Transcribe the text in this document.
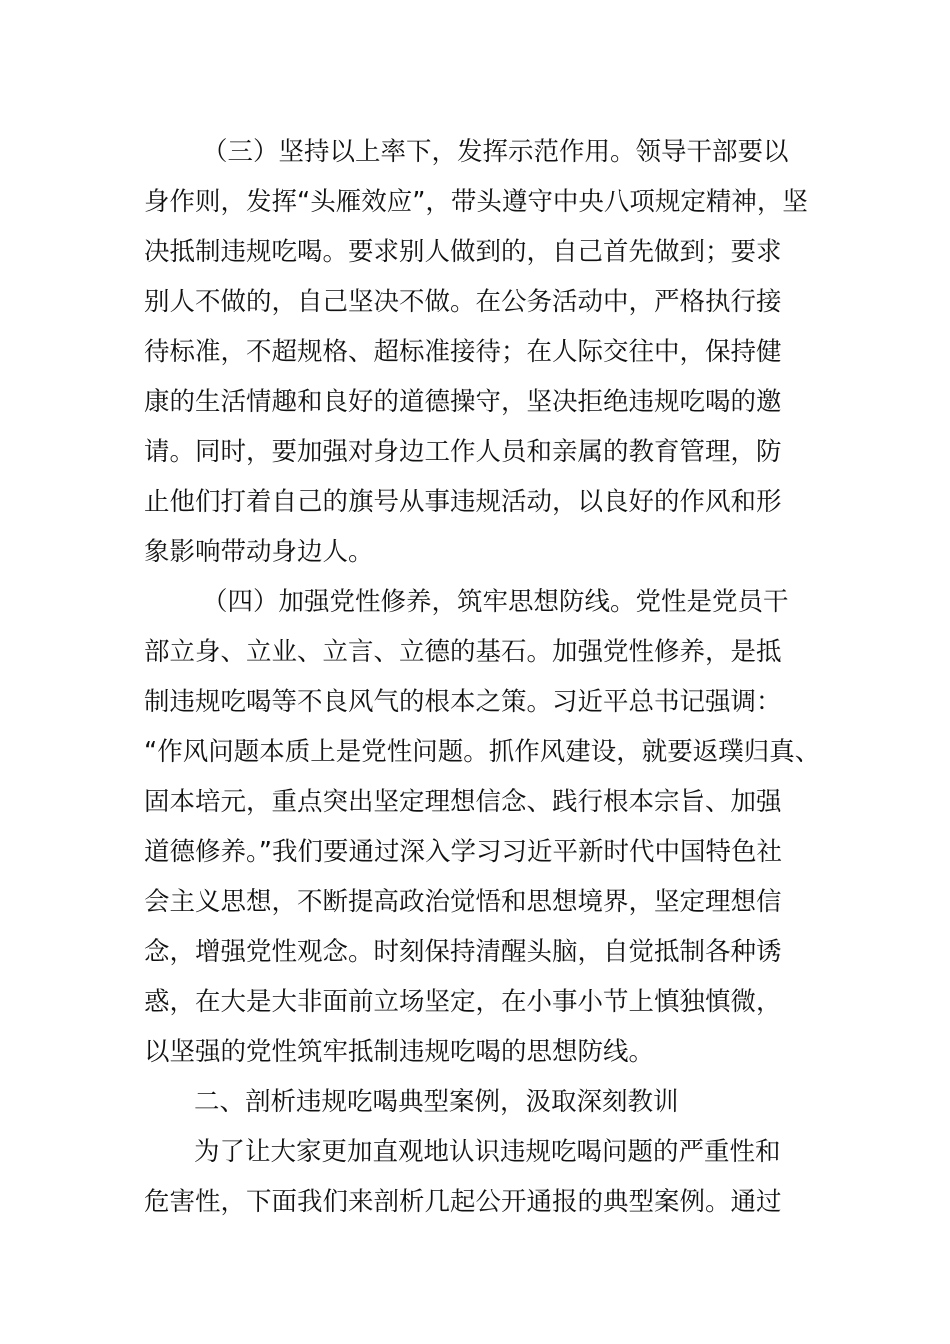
（三）坚持以上率下，发挥示范作用。领导干部要以
身作则，发挥“头雁效应”，带头遵守中央八项规定精神，坚
决抵制违规吃喝。要求别人做到的，自己首先做到；要求
别人不做的，自己坚决不做。在公务活动中，严格执行接
待标准，不超规格、超标准接待；在人际交往中，保持健
康的生活情趣和良好的道德操守，坚决拒绝违规吃喝的邀
请。同时，要加强对身边工作人员和亲属的教育管理，防
止他们打着自己的旗号从事违规活动，以良好的作风和形
象影响带动身边人。
（四）加强党性修养，筑牢思想防线。党性是党员干
部立身、立业、立言、立德的基石。加强党性修养，是抵
制违规吃喝等不良风气的根本之策。习近平总书记强调：
“作风问题本质上是党性问题。抓作风建设，就要返璞归真、
固本培元，重点突出坚定理想信念、践行根本宗旨、加强
道德修养。”我们要通过深入学习习近平新时代中国特色社
会主义思想，不断提高政治觉悟和思想境界，坚定理想信
念，增强党性观念。时刻保持清醒头脑，自觉抵制各种诱
惑，在大是大非面前立场坚定，在小事小节上慎独慎微，
以坚强的党性筑牢抵制违规吃喝的思想防线。
二、剖析违规吃喝典型案例，汲取深刻教训
为了让大家更加直观地认识违规吃喝问题的严重性和
危害性，下面我们来剖析几起公开通报的典型案例。通过
